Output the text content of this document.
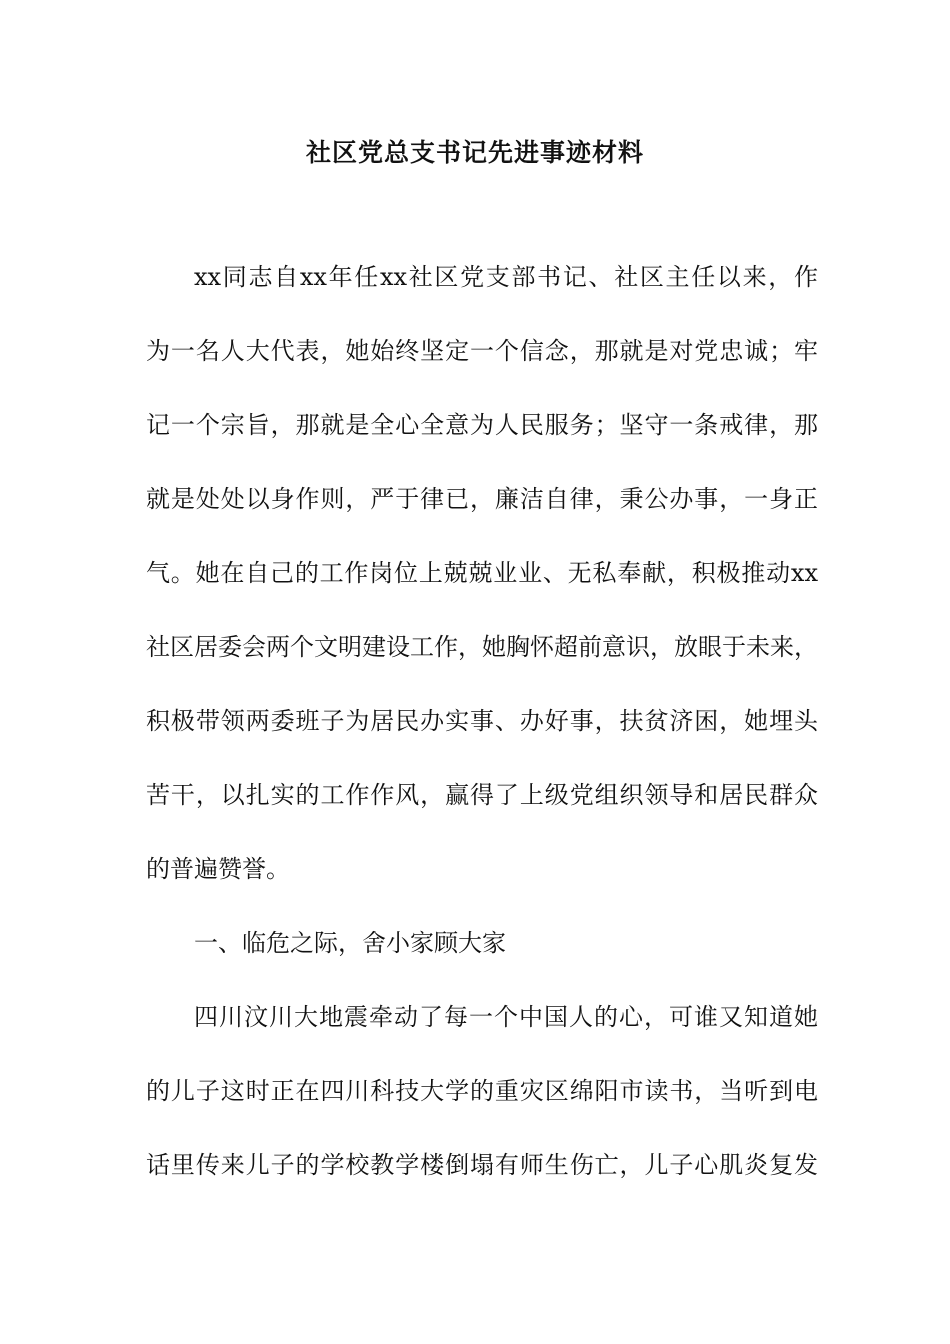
社区党总支书记先进事迹材料
xx同志自xx年任xx社区党支部书记、社区主任以来，作
为一名人大代表，她始终坚定一个信念，那就是对党忠诚；牢
记一个宗旨，那就是全心全意为人民服务；坚守一条戒律，那
就是处处以身作则，严于律已，廉洁自律，秉公办事，一身正
气。她在自己的工作岗位上兢兢业业、无私奉献，积极推动xx
社区居委会两个文明建设工作，她胸怀超前意识，放眼于未来，
积极带领两委班子为居民办实事、办好事，扶贫济困，她埋头
苦干，以扎实的工作作风，赢得了上级党组织领导和居民群众
的普遍赞誉。
一、临危之际，舍小家顾大家
四川汶川大地震牵动了每一个中国人的心，可谁又知道她
的儿子这时正在四川科技大学的重灾区绵阳市读书，当听到电
话里传来儿子的学校教学楼倒塌有师生伤亡，儿子心肌炎复发
